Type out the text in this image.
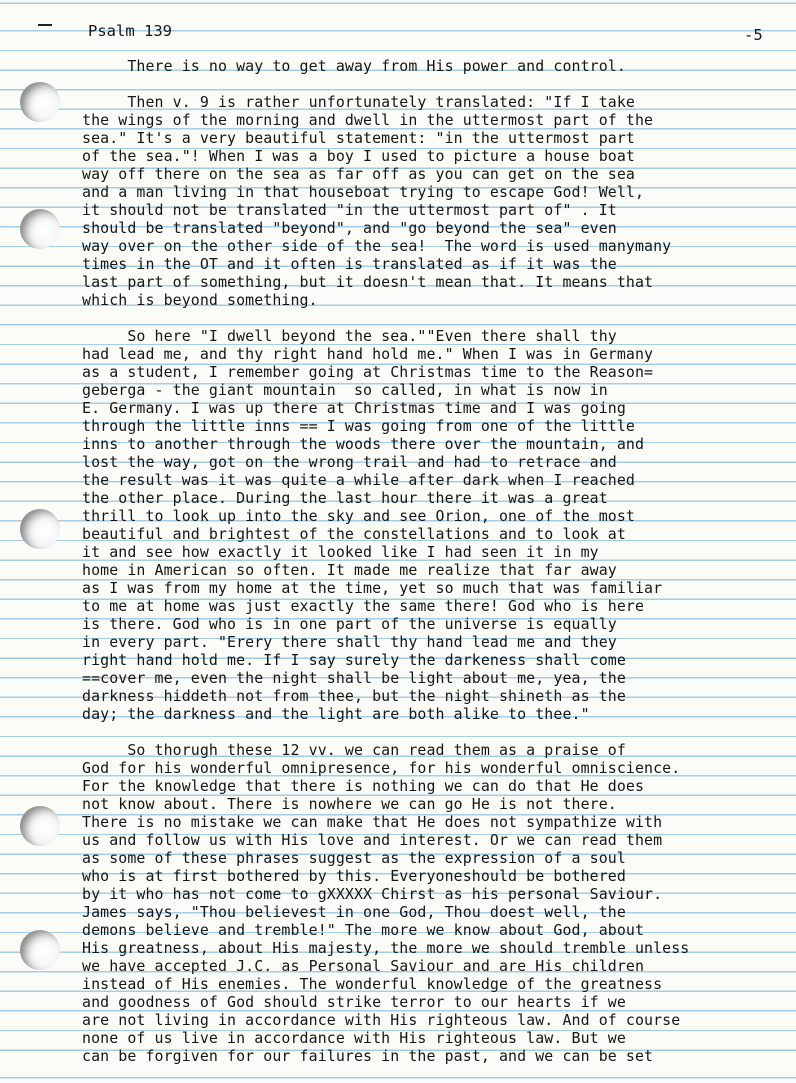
Psalm 139	-5
There is no way to get away from His power and control.
Then v. 9 is rather unfortunately translated: "If I take
the wings of the morning and dwell in the uttermost part of the
sea." It's a very beautiful statement: "in the uttermost part
of the sea."! When I was a boy I used to picture a house boat
way off there on the sea as far off as you can get on the sea
and a man living in that houseboat trying to escape God! Well,
it should not be translated "in the uttermost part of" . It
should be translated "beyond", and "go beyond the sea" even
way over on the other side of the sea!  The word is used manymany
times in the OT and it often is translated as if it was the
last part of something, but it doesn't mean that. It means that
which is beyond something.
So here "I dwell beyond the sea.""Even there shall thy
had lead me, and thy right hand hold me." When I was in Germany
as a student, I remember going at Christmas time to the Reason=
geberga - the giant mountain  so called, in what is now in
E. Germany. I was up there at Christmas time and I was going
through the little inns == I was going from one of the little
inns to another through the woods there over the mountain, and
lost the way, got on the wrong trail and had to retrace and
the result was it was quite a while after dark when I reached
the other place. During the last hour there it was a great
thrill to look up into the sky and see Orion, one of the most
beautiful and brightest of the constellations and to look at
it and see how exactly it looked like I had seen it in my
home in American so often. It made me realize that far away
as I was from my home at the time, yet so much that was familiar
to me at home was just exactly the same there! God who is here
is there. God who is in one part of the universe is equally
in every part. "Erery there shall thy hand lead me and they
right hand hold me. If I say surely the darkeness shall come
==cover me, even the night shall be light about me, yea, the
darkness hiddeth not from thee, but the night shineth as the
day; the darkness and the light are both alike to thee."
So thorugh these 12 vv. we can read them as a praise of
God for his wonderful omnipresence, for his wonderful omniscience.
For the knowledge that there is nothing we can do that He does
not know about. There is nowhere we can go He is not there.
There is no mistake we can make that He does not sympathize with
us and follow us with His love and interest. Or we can read them
as some of these phrases suggest as the expression of a soul
who is at first bothered by this. Everyoneshould be bothered
by it who has not come to gXXXXX Chirst as his personal Saviour.
James says, "Thou believest in one God, Thou doest well, the
demons believe and tremble!" The more we know about God, about
His greatness, about His majesty, the more we should tremble unless
we have accepted J.C. as Personal Saviour and are His children
instead of His enemies. The wonderful knowledge of the greatness
and goodness of God should strike terror to our hearts if we
are not living in accordance with His righteous law. And of course
none of us live in accordance with His righteous law. But we
can be forgiven for our failures in the past, and we can be set
